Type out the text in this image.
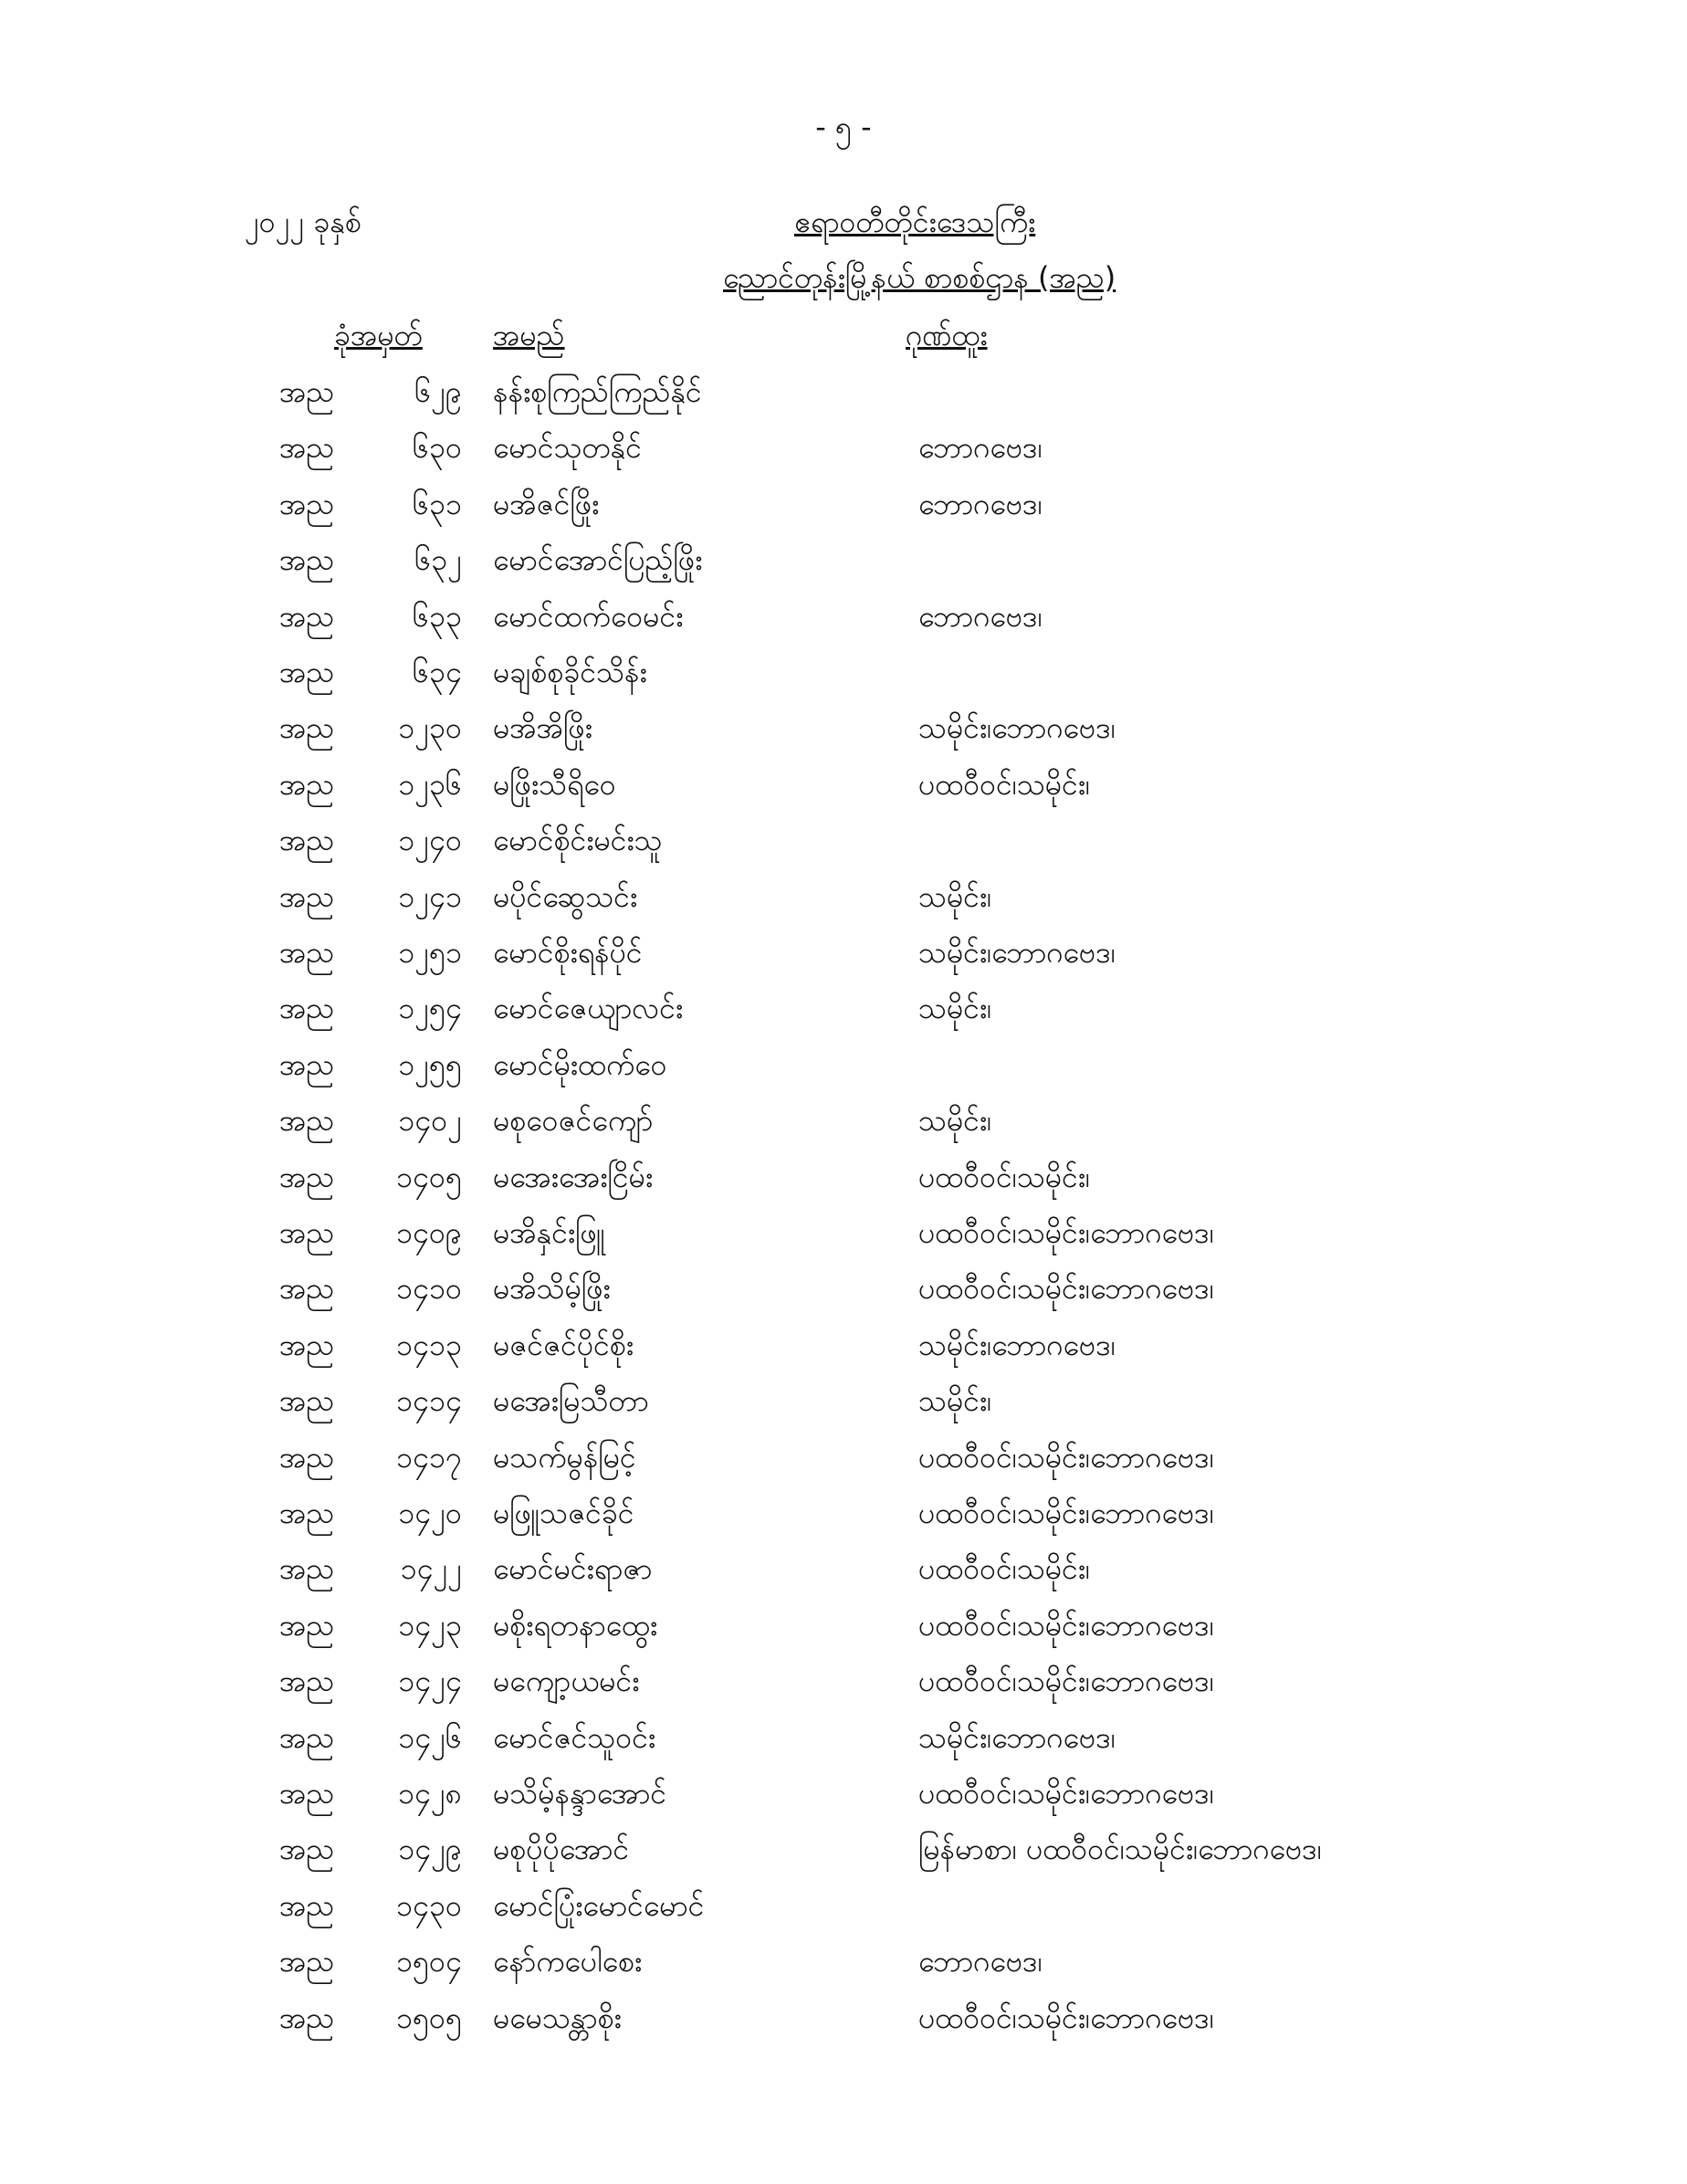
- ၅ -
၂၀၂၂ ခုနှစ်	ဧရာဝတီတိုင်းဒေသကြီး
ညောင်တုန်းမြို့နယ် စာစစ်ဌာန (အည)
ခုံအမှတ် အမည်	ဂုဏ်ထူး
အည	၆၂၉ နန်းစုကြည်ကြည်နိုင်
အည	၆၃၀ မောင်သုတနိုင်	ဘောဂဗေဒ၊
အည	၆၃၁ မအိဇင်ဖြိုး	ဘောဂဗေဒ၊
အည	၆၃၂ မောင်အောင်ပြည့်ဖြိုး
အည	၆၃၃ မောင်ထက်ဝေမင်း	ဘောဂဗေဒ၊
အည	၆၃၄ မချစ်စုခိုင်သိန်း
အည	၁၂၃၀ မအိအိဖြိုး	သမိုင်း၊ဘောဂဗေဒ၊
အည	၁၂၃၆ မဖြိုးသီရိဝေ	ပထဝီဝင်၊သမိုင်း၊
အည	၁၂၄၀ မောင်စိုင်းမင်းသူ
အည	၁၂၄၁ မပိုင်ဆွေသင်း	သမိုင်း၊
အည	၁၂၅၁ မောင်စိုးရန်ပိုင်	သမိုင်း၊ဘောဂဗေဒ၊
အည	၁၂၅၄ မောင်ဇေယျာလင်း	သမိုင်း၊
အည	၁၂၅၅ မောင်မိုးထက်ဝေ
အည	၁၄၀၂ မစုဝေဇင်ကျော်	သမိုင်း၊
အည	၁၄၀၅ မအေးအေးငြိမ်း	ပထဝီဝင်၊သမိုင်း၊
အည	၁၄၀၉ မအိနှင်းဖြူ	ပထဝီဝင်၊သမိုင်း၊ဘောဂဗေဒ၊
အည	၁၄၁၀ မအိသိမ့်ဖြိုး	ပထဝီဝင်၊သမိုင်း၊ဘောဂဗေဒ၊
အည	၁၄၁၃ မဇင်ဇင်ပိုင်စိုး	သမိုင်း၊ဘောဂဗေဒ၊
အည	၁၄၁၄ မအေးမြသီတာ	သမိုင်း၊
အည	၁၄၁၇ မသက်မွန်မြင့်	ပထဝီဝင်၊သမိုင်း၊ဘောဂဗေဒ၊
အည	၁၄၂၀ မဖြူသဇင်ခိုင်	ပထဝီဝင်၊သမိုင်း၊ဘောဂဗေဒ၊
အည	၁၄၂၂ မောင်မင်းရာဇာ	ပထဝီဝင်၊သမိုင်း၊
အည	၁၄၂၃ မစိုးရတနာထွေး	ပထဝီဝင်၊သမိုင်း၊ဘောဂဗေဒ၊
အည	၁၄၂၄ မကျော့ယမင်း	ပထဝီဝင်၊သမိုင်း၊ဘောဂဗေဒ၊
အည	၁၄၂၆ မောင်ဇင်သူဝင်း	သမိုင်း၊ဘောဂဗေဒ၊
အည	၁၄၂၈ မသိမ့်နန္ဒာအောင်	ပထဝီဝင်၊သမိုင်း၊ဘောဂဗေဒ၊
အည	၁၄၂၉ မစုပိုပိုအောင်	မြန်မာစာ၊ ပထဝီဝင်၊သမိုင်း၊ဘောဂဗေဒ၊
အည	၁၄၃၀ မောင်ပြုံးမောင်မောင်
အည	၁၅၀၄ နော်ကပေါစေး	ဘောဂဗေဒ၊
အည	၁၅၀၅ မမေသန္တာစိုး	ပထဝီဝင်၊သမိုင်း၊ဘောဂဗေဒ၊
